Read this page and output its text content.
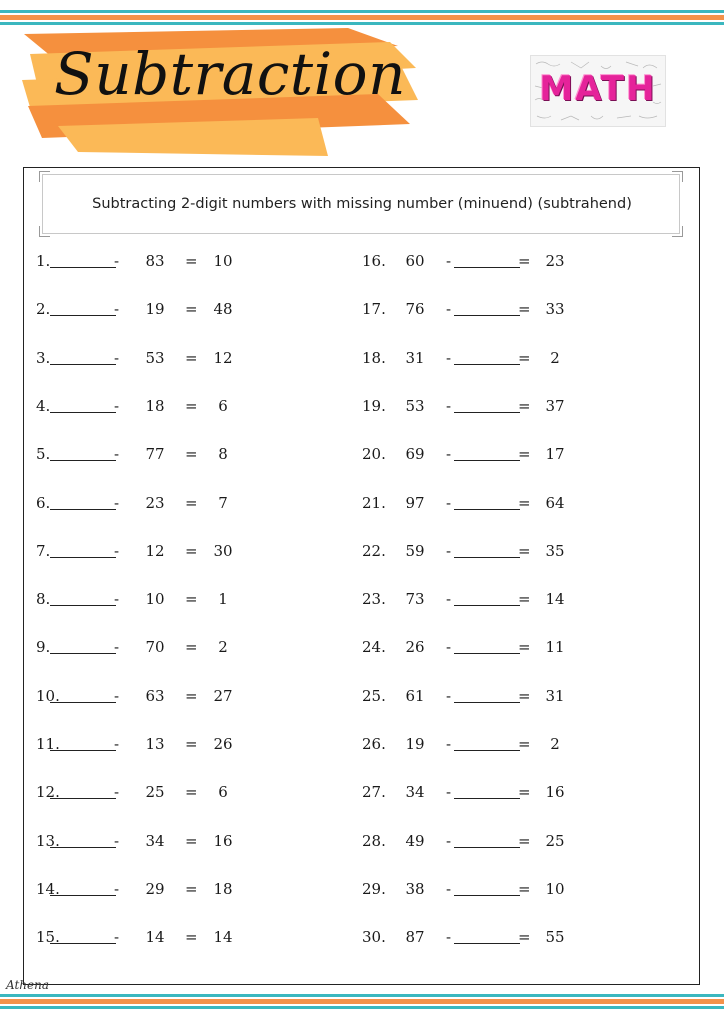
Subtraction	MATH
Subtracting 2-digit numbers with missing number (minuend) (subtrahend)
1.	-	83	=	10
2.	-	19	=	48
3.	-	53	=	12
4.	-	18	=	6
5.	-	77	=	8
6.	-	23	=	7
7.	-	12	=	30
8.	-	10	=	1
9.	-	70	=	2
10.	-	63	=	27
11.	-	13	=	26
12.	-	25	=	6
13.	-	34	=	16
14.	-	29	=	18
15.	-	14	=	14
16.	60	-	= 23
17.	76	-	= 33
18.	31	-	=	2
19.	53	-	= 37
20.	69	-	= 17
21.	97	-	= 64
22.	59	-	= 35
23.	73	-	= 14
24.	26	-	= 11
25.	61	-	= 31
26.	19	-	=	2
27.	34	-	= 16
28.	49	-	= 25
29.	38	-	= 10
30.	87	-	= 55
Athena
